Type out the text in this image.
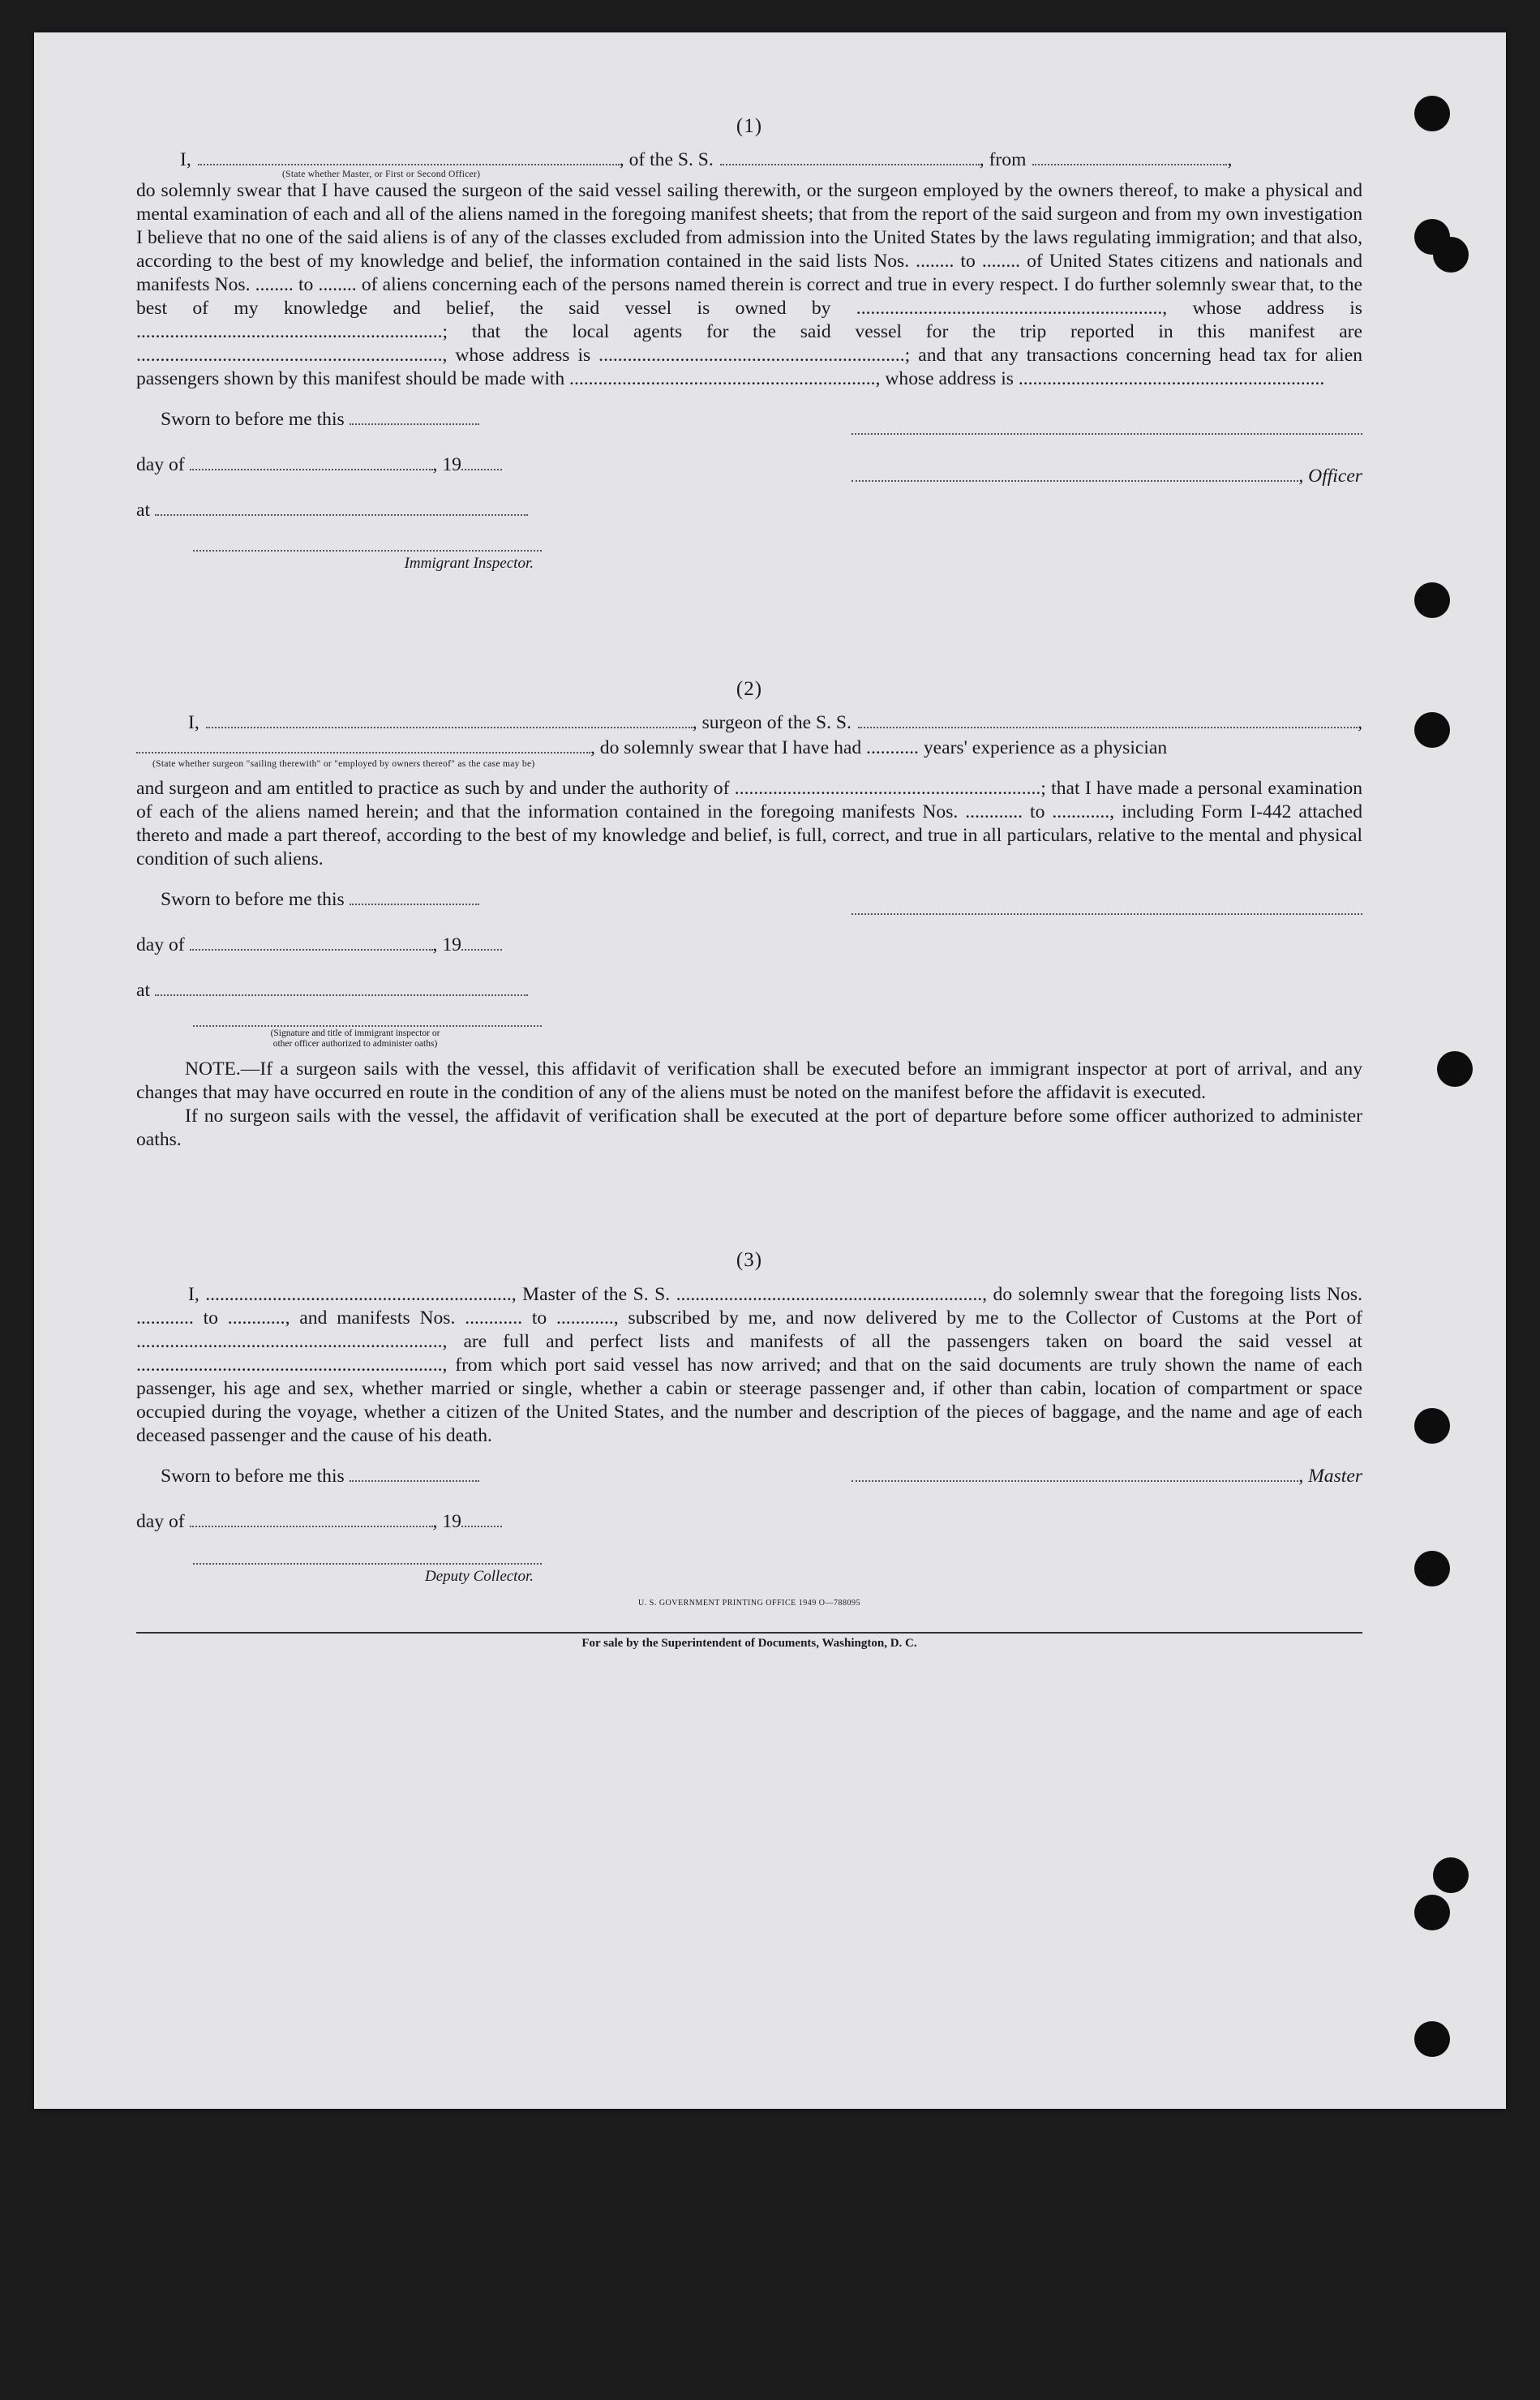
(1)
I,	, of the S. S.	, from	,
(State whether Master, or First or Second Officer)

do solemnly swear that I have caused the surgeon of the said vessel sailing therewith, or the surgeon employed by the owners thereof, to make a physical and mental examination of each and all of the aliens named in the foregoing manifest sheets; that from the report of the said surgeon and from my own investigation I believe that no one of the said aliens is of any of the classes excluded from admission into the United States by the laws regulating immigration; and that also, according to the best of my knowledge and belief, the information contained in the said lists Nos. ........ to ........ of United States citizens and nationals and manifests Nos. ........ to ........ of aliens concerning each of the persons named therein is correct and true in every respect. I do further solemnly swear that, to the best of my knowledge and belief, the said vessel is owned by ................................................................, whose address is ................................................................; that the local agents for the said vessel for the trip reported in this manifest are ................................................................, whose address is ................................................................; and that any transactions concerning head tax for alien passengers shown by this manifest should be made with ................................................................, whose address is ................................................................

Sworn to before me this
day of	, 19
at
Immigrant Inspector.
, Officer
(2)
I,	, surgeon of the S. S.	,
, do solemnly swear that I have had ........... years' experience as a physician
(State whether surgeon "sailing therewith" or "employed by owners thereof" as the case may be)

and surgeon and am entitled to practice as such by and under the authority of ................................................................; that I have made a personal examination of each of the aliens named herein; and that the information contained in the foregoing manifests Nos. ............ to ............, including Form I-442 attached thereto and made a part thereof, according to the best of my knowledge and belief, is full, correct, and true in all particulars, relative to the mental and physical condition of such aliens.

Sworn to before me this
day of	, 19
at
(Signature and title of immigrant inspector or
other officer authorized to administer oaths)

NOTE.—If a surgeon sails with the vessel, this affidavit of verification shall be executed before an immigrant inspector at port of arrival, and any changes that may have occurred en route in the condition of any of the aliens must be noted on the manifest before the affidavit is executed.

If no surgeon sails with the vessel, the affidavit of verification shall be executed at the port of departure before some officer authorized to administer oaths.

(3)

I, ................................................................, Master of the S. S. ................................................................, do solemnly swear that the foregoing lists Nos. ............ to ............, and manifests Nos. ............ to ............, subscribed by me, and now delivered by me to the Collector of Customs at the Port of ................................................................, are full and perfect lists and manifests of all the passengers taken on board the said vessel at ................................................................, from which port said vessel has now arrived; and that on the said documents are truly shown the name of each passenger, his age and sex, whether married or single, whether a cabin or steerage passenger and, if other than cabin, location of compartment or space occupied during the voyage, whether a citizen of the United States, and the number and description of the pieces of baggage, and the name and age of each deceased passenger and the cause of his death.

Sworn to before me this
day of	, 19
Deputy Collector.
, Master
U. S. GOVERNMENT PRINTING OFFICE 1949 O—788095
For sale by the Superintendent of Documents, Washington, D. C.
